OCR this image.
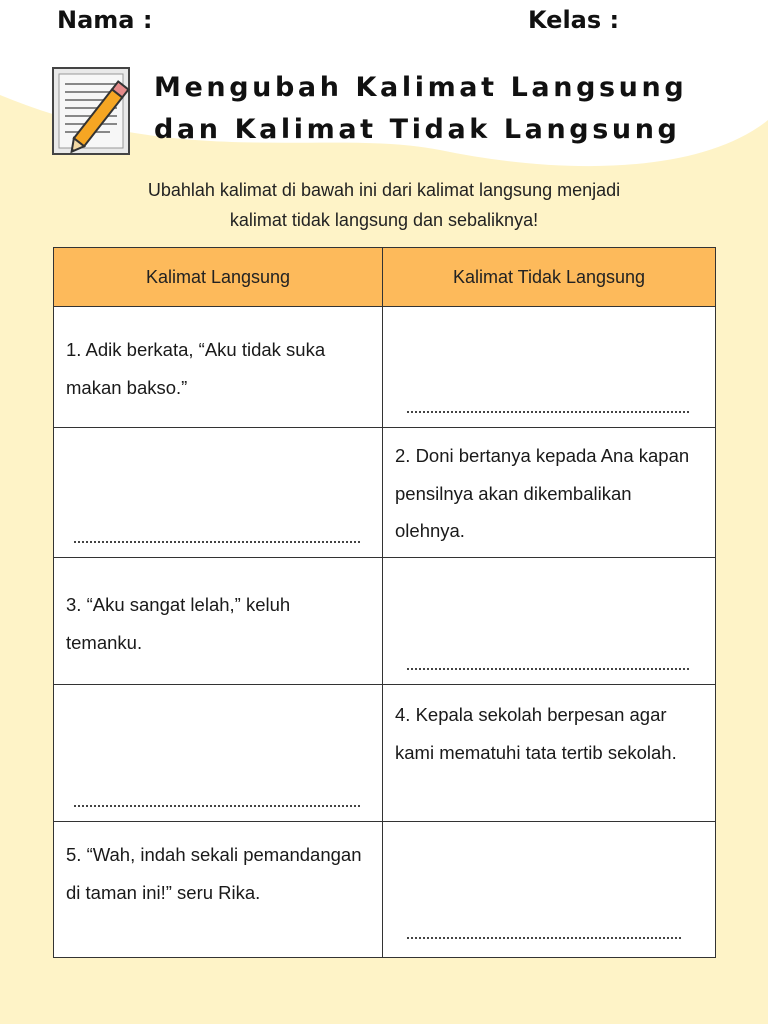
Nama :	Kelas :
Mengubah Kalimat Langsung
dan Kalimat Tidak Langsung
Ubahlah kalimat di bawah ini dari kalimat langsung menjadi
kalimat tidak langsung dan sebaliknya!
Kalimat Langsung	Kalimat Tidak Langsung

1. Adik berkata, “Aku tidak suka makan bakso.”	

	2. Doni bertanya kepada Ana kapan pensilnya akan dikembalikan olehnya.

3. “Aku sangat lelah,” keluh temanku.	

	4. Kepala sekolah berpesan agar kami mematuhi tata tertib sekolah.

5. “Wah, indah sekali pemandangan di taman ini!” seru Rika.	
